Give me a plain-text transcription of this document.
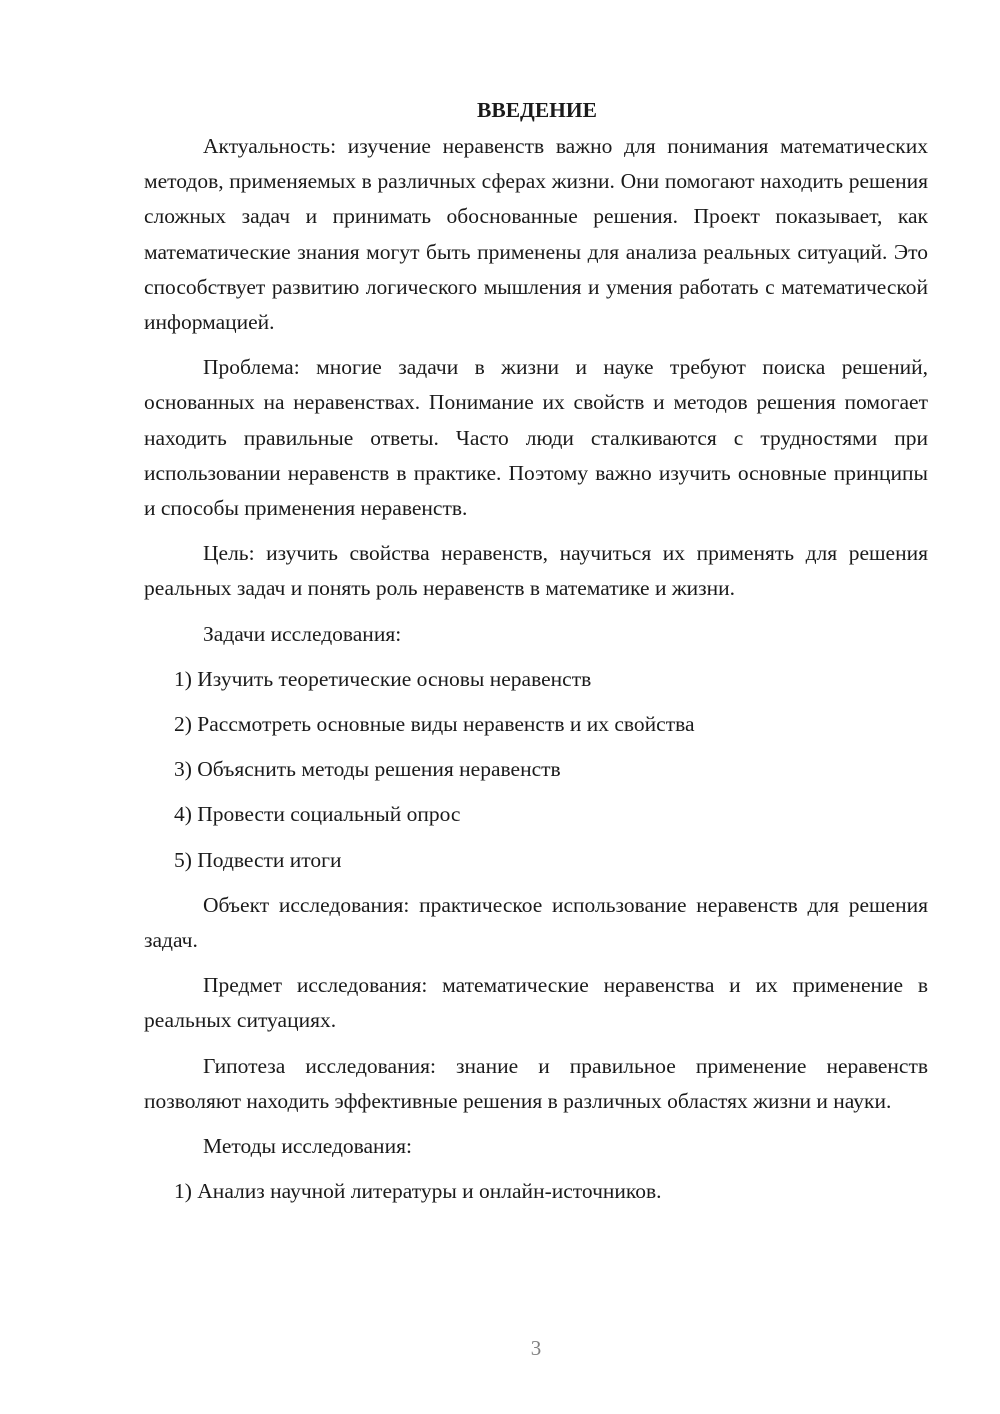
ВВЕДЕНИЕ

Актуальность: изучение неравенств важно для понимания математических методов, применяемых в различных сферах жизни. Они помогают находить решения сложных задач и принимать обоснованные решения. Проект показывает, как математические знания могут быть применены для анализа реальных ситуаций. Это способствует развитию логического мышления и умения работать с математической информацией.

Проблема: многие задачи в жизни и науке требуют поиска решений, основанных на неравенствах. Понимание их свойств и методов решения помогает находить правильные ответы. Часто люди сталкиваются с трудностями при использовании неравенств в практике. Поэтому важно изучить основные принципы и способы применения неравенств.

Цель: изучить свойства неравенств, научиться их применять для решения реальных задач и понять роль неравенств в математике и жизни.

Задачи исследования:

1) Изучить теоретические основы неравенств

2) Рассмотреть основные виды неравенств и их свойства

3) Объяснить методы решения неравенств

4) Провести социальный опрос

5) Подвести итоги

Объект исследования: практическое использование неравенств для решения задач.

Предмет исследования: математические неравенства и их применение в реальных ситуациях.

Гипотеза исследования: знание и правильное применение неравенств позволяют находить эффективные решения в различных областях жизни и науки.

Методы исследования:

1) Анализ научной литературы и онлайн-источников.

3
